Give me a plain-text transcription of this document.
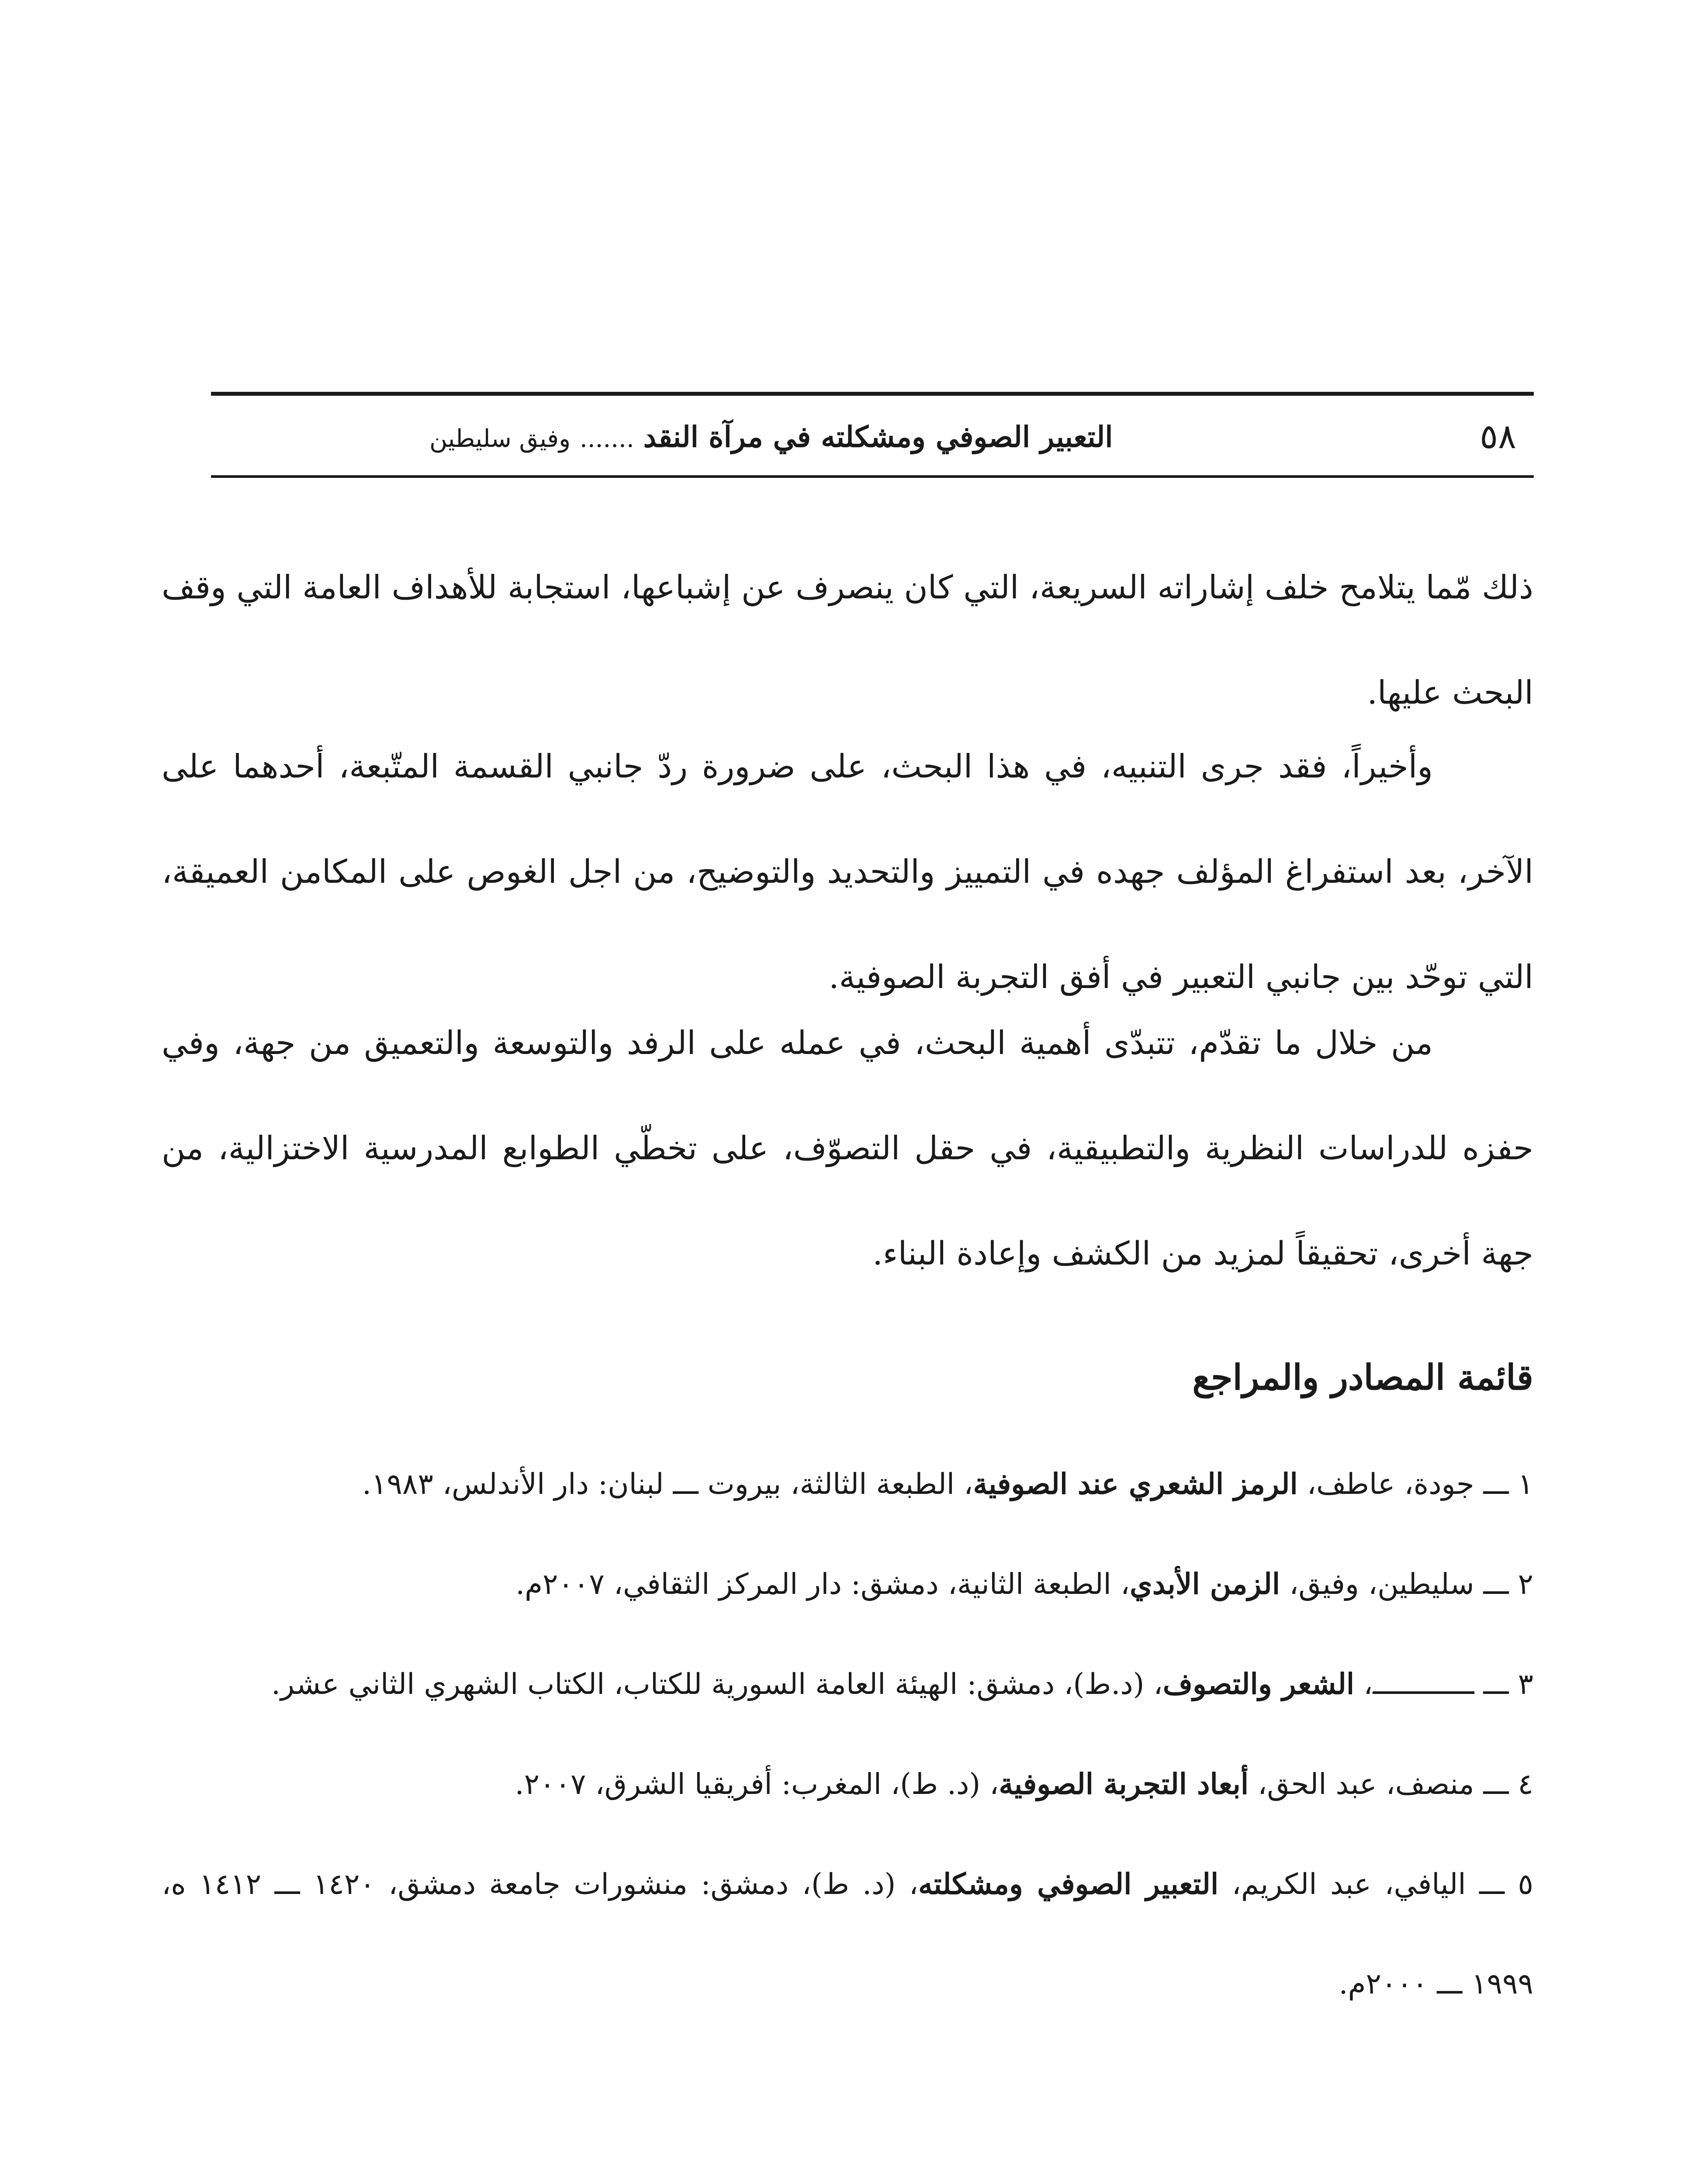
٥٨
التعبير الصوفي ومشكلته في مرآة النقد ....... وفيق سليطين

ذلك مّما يتلامح خلف إشاراته السريعة، التي كان ينصرف عن إشباعها، استجابة للأهداف العامة التي وقف البحث عليها.

وأخيراً، فقد جرى التنبيه، في هذا البحث، على ضرورة ردّ جانبي القسمة المتّبعة، أحدهما على الآخر، بعد استفراغ المؤلف جهده في التمييز والتحديد والتوضيح، من اجل الغوص على المكامن العميقة، التي توحّد بين جانبي التعبير في أفق التجربة الصوفية.

من خلال ما تقدّم، تتبدّى أهمية البحث، في عمله على الرفد والتوسعة والتعميق من جهة، وفي حفزه للدراسات النظرية والتطبيقية، في حقل التصوّف، على تخطّي الطوابع المدرسية الاختزالية، من جهة أخرى، تحقيقاً لمزيد من الكشف وإعادة البناء.

قائمة المصادر والمراجع

١ ـــ جودة، عاطف، الرمز الشعري عند الصوفية، الطبعة الثالثة، بيروت ـــ لبنان: دار الأندلس، ١٩٨٣.

٢ ـــ سليطين، وفيق، الزمن الأبدي، الطبعة الثانية، دمشق: دار المركز الثقافي، ٢٠٠٧م.

٣ ـــ ــــــــــــ، الشعر والتصوف، (د.ط)، دمشق: الهيئة العامة السورية للكتاب، الكتاب الشهري الثاني عشر.

٤ ـــ منصف، عبد الحق، أبعاد التجربة الصوفية، (د. ط)، المغرب: أفريقيا الشرق، ٢٠٠٧.

٥ ـــ اليافي، عبد الكريم، التعبير الصوفي ومشكلته، (د. ط)، دمشق: منشورات جامعة دمشق، ١٤٢٠ ـــ ١٤١٢ ه، ١٩٩٩ ـــ ٢٠٠٠م.
